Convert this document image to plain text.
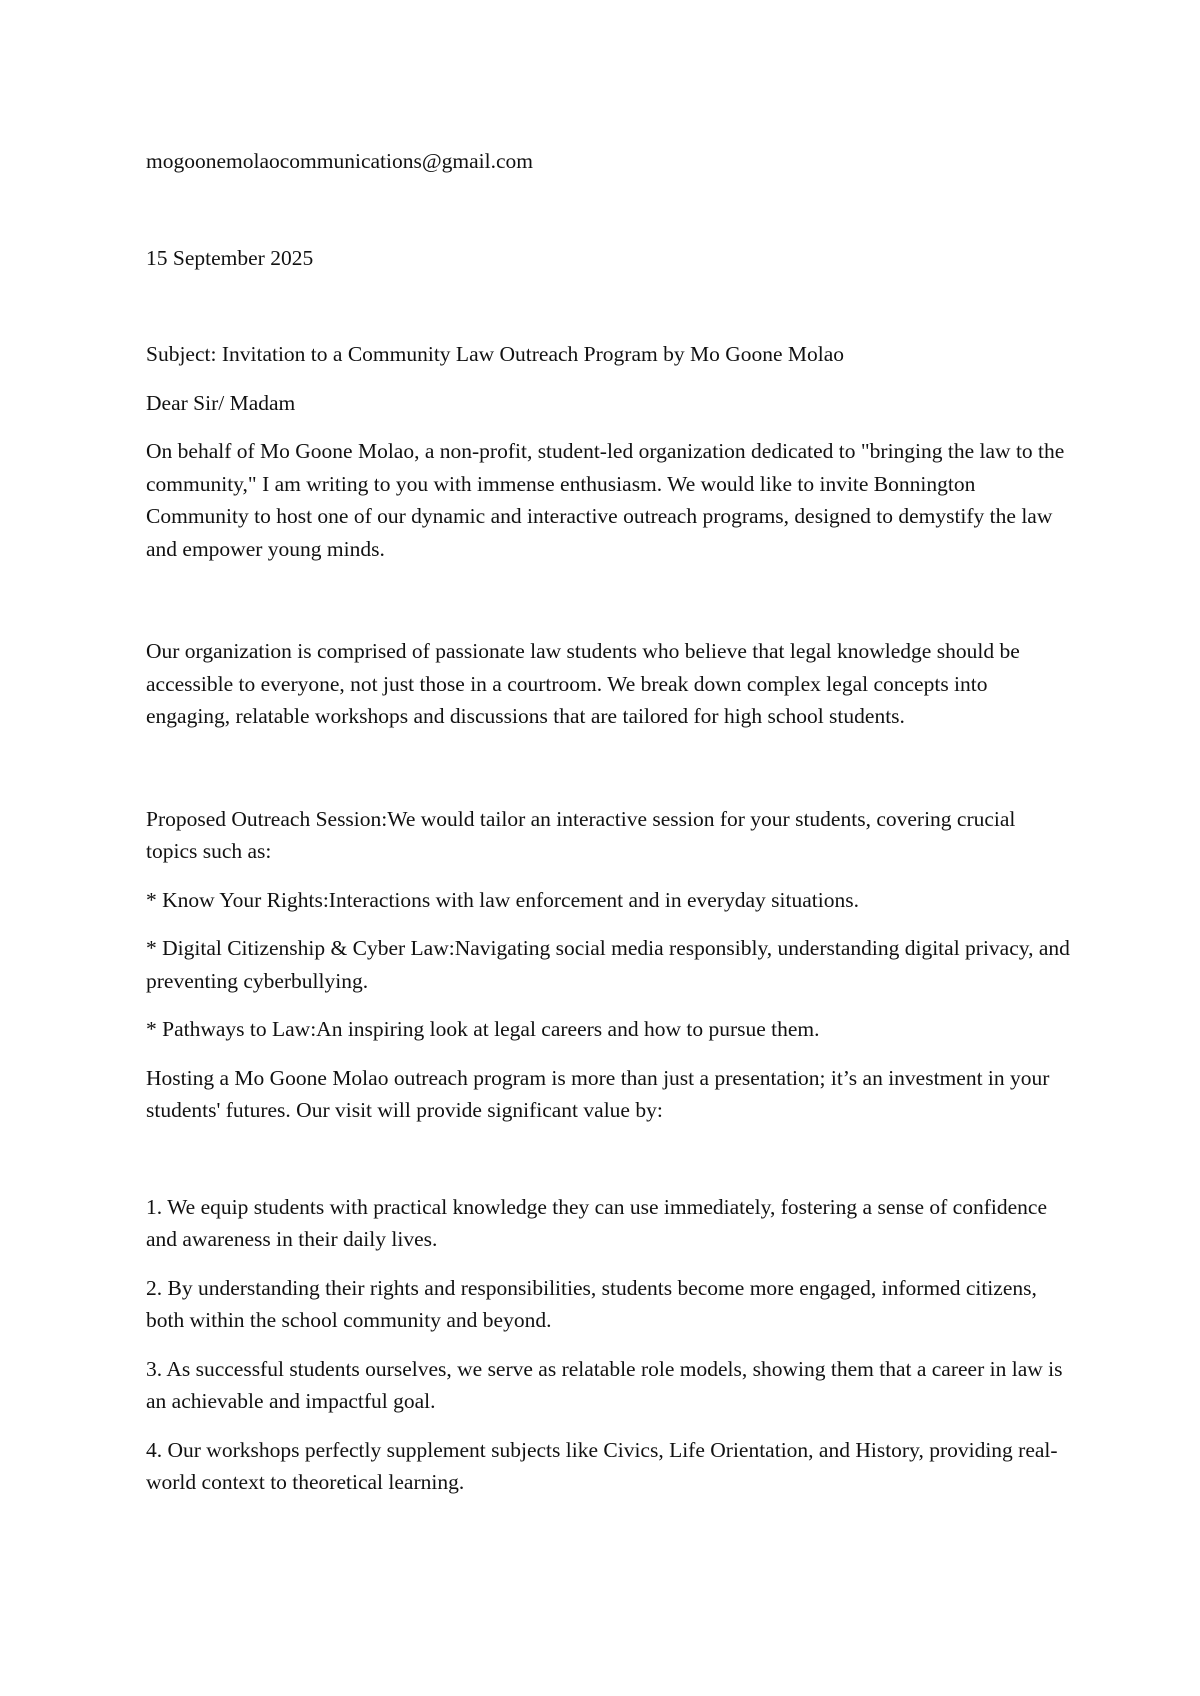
mogoonemolaocommunications@gmail.com

15 September 2025

Subject: Invitation to a Community Law Outreach Program by Mo Goone Molao

Dear Sir/ Madam

On behalf of Mo Goone Molao, a non-profit, student-led organization dedicated to "bringing the law to the community," I am writing to you with immense enthusiasm. We would like to invite Bonnington Community to host one of our dynamic and interactive outreach programs, designed to demystify the law and empower young minds.

Our organization is comprised of passionate law students who believe that legal knowledge should be accessible to everyone, not just those in a courtroom. We break down complex legal concepts into engaging, relatable workshops and discussions that are tailored for high school students.

Proposed Outreach Session:We would tailor an interactive session for your students, covering crucial topics such as:

* Know Your Rights:Interactions with law enforcement and in everyday situations.

* Digital Citizenship & Cyber Law:Navigating social media responsibly, understanding digital privacy, and preventing cyberbullying.

* Pathways to Law:An inspiring look at legal careers and how to pursue them.

Hosting a Mo Goone Molao outreach program is more than just a presentation; it’s an investment in your students' futures. Our visit will provide significant value by:

1. We equip students with practical knowledge they can use immediately, fostering a sense of confidence and awareness in their daily lives.

2. By understanding their rights and responsibilities, students become more engaged, informed citizens, both within the school community and beyond.

3. As successful students ourselves, we serve as relatable role models, showing them that a career in law is an achievable and impactful goal.

4. Our workshops perfectly supplement subjects like Civics, Life Orientation, and History, providing real-world context to theoretical learning.
